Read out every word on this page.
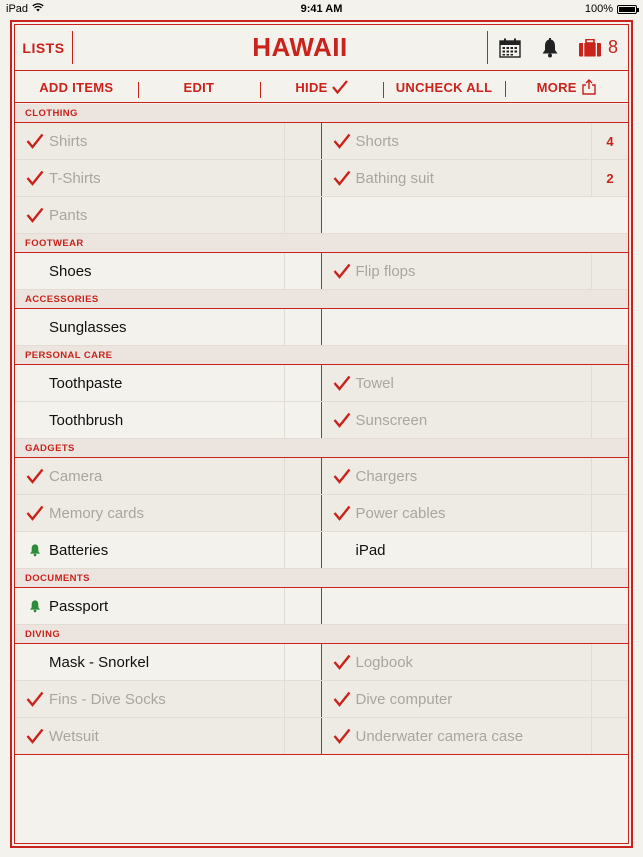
iPad	9:41 AM	100%
LISTS	HAWAII	8
ADD ITEMS	EDIT	HIDE	UNCHECK ALL	MORE
CLOTHING
Shirts	Shorts	4
T-Shirts	Bathing suit	2
Pants
FOOTWEAR
Shoes	Flip flops
ACCESSORIES
Sunglasses
PERSONAL CARE
Toothpaste	Towel
Toothbrush	Sunscreen
GADGETS
Camera	Chargers
Memory cards	Power cables
Batteries	iPad
DOCUMENTS
Passport
DIVING
Mask - Snorkel	Logbook
Fins - Dive Socks	Dive computer
Wetsuit	Underwater camera case
